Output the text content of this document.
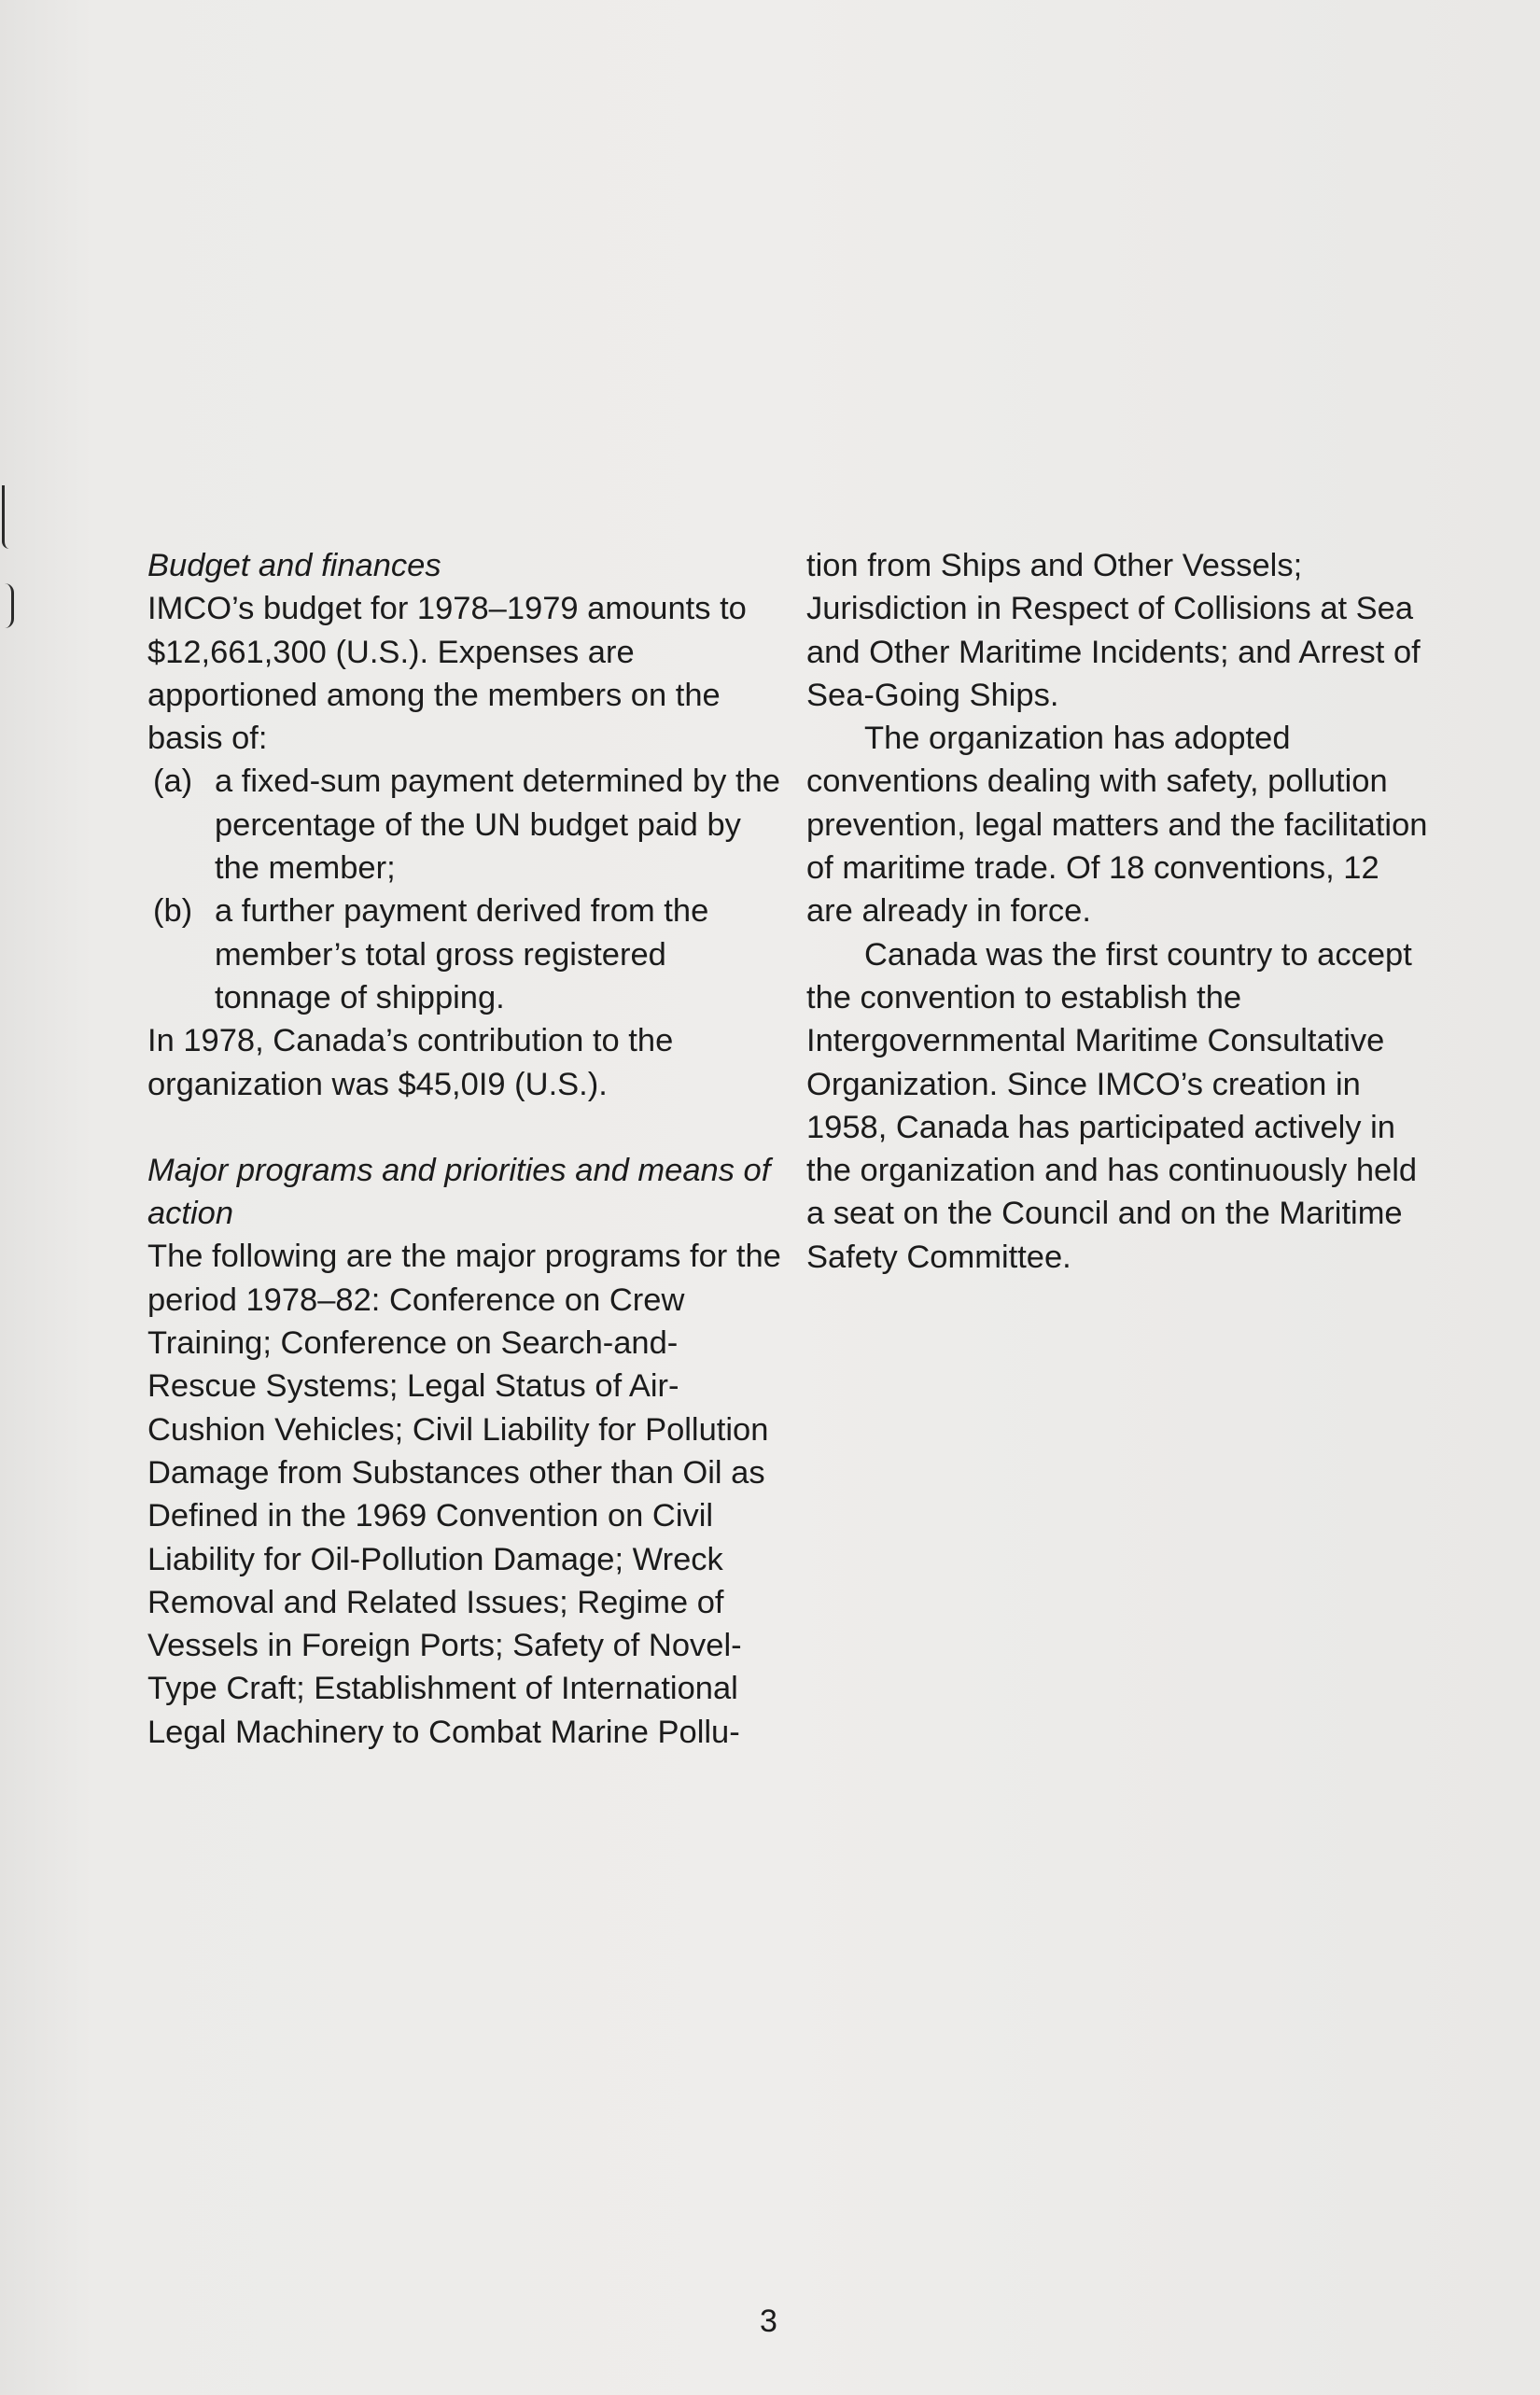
Budget and finances

IMCO’s budget for 1978–1979 amounts to $12,661,300 (U.S.). Expenses are apportioned among the members on the basis of:

(a) a fixed-sum payment determined by the percentage of the UN budget paid by the member;
(b) a further payment derived from the member’s total gross registered tonnage of shipping.

In 1978, Canada’s contribution to the organization was $45,0I9 (U.S.).

Major programs and priorities and means of action

The following are the major programs for the period 1978–82: Conference on Crew Training; Conference on Search-and-Rescue Systems; Legal Status of Air-Cushion Vehicles; Civil Liability for Pollution Damage from Substances other than Oil as Defined in the 1969 Convention on Civil Liability for Oil-Pollution Damage; Wreck Removal and Related Issues; Regime of Vessels in Foreign Ports; Safety of Novel-Type Craft; Establishment of International Legal Machinery to Combat Marine Pollu-

tion from Ships and Other Vessels; Jurisdiction in Respect of Collisions at Sea and Other Maritime Incidents; and Arrest of Sea-Going Ships.

The organization has adopted conventions dealing with safety, pollution prevention, legal matters and the facilitation of maritime trade. Of 18 conventions, 12 are already in force.

Canada was the first country to accept the convention to establish the Intergovernmental Maritime Consultative Organization. Since IMCO’s creation in 1958, Canada has participated actively in the organization and has continuously held a seat on the Council and on the Maritime Safety Committee.

3
